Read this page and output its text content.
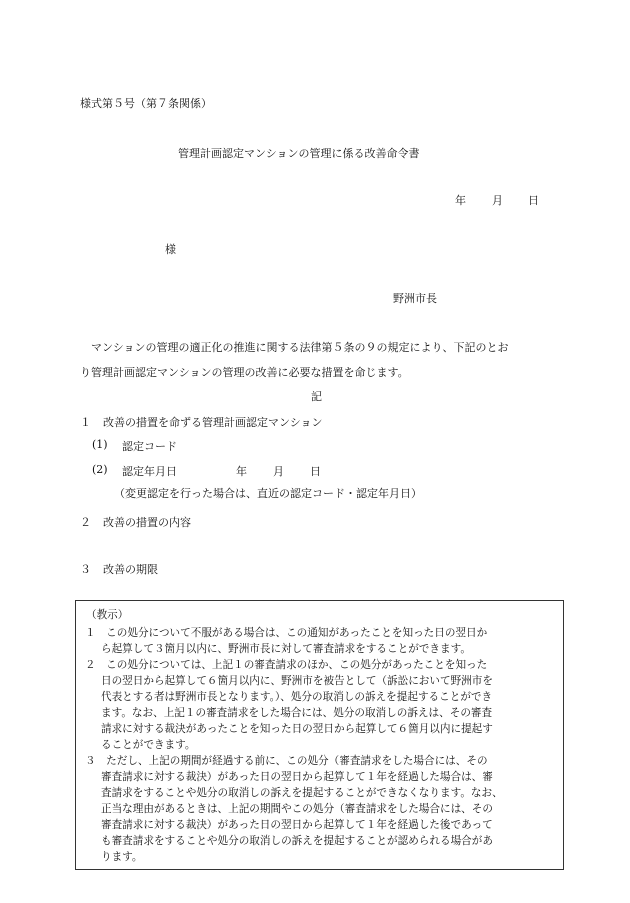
様式第５号（第７条関係）
管理計画認定マンションの管理に係る改善命令書
年 月 日
様
野洲市長
マンションの管理の適正化の推進に関する法律第５条の９の規定により、下記のとお
り管理計画認定マンションの管理の改善に必要な措置を命じます。
記
１ 改善の措置を命ずる管理計画認定マンション
(1) 認定コード
(2) 認定年月日	年 月 日
（変更認定を行った場合は、直近の認定コード・認定年月日）
２ 改善の措置の内容
３ 改善の期限
（教示）
１　この処分について不服がある場合は、この通知があったことを知った日の翌日か
ら起算して３箇月以内に、野洲市長に対して審査請求をすることができます。
２　この処分については、上記１の審査請求のほか、この処分があったことを知った
日の翌日から起算して６箇月以内に、野洲市を被告として（訴訟において野洲市を
代表とする者は野洲市長となります。）、処分の取消しの訴えを提起することができ
ます。なお、上記１の審査請求をした場合には、処分の取消しの訴えは、その審査
請求に対する裁決があったことを知った日の翌日から起算して６箇月以内に提起す
ることができます。
３　ただし、上記の期間が経過する前に、この処分（審査請求をした場合には、その
審査請求に対する裁決）があった日の翌日から起算して１年を経過した場合は、審
査請求をすることや処分の取消しの訴えを提起することができなくなります。なお、
正当な理由があるときは、上記の期間やこの処分（審査請求をした場合には、その
審査請求に対する裁決）があった日の翌日から起算して１年を経過した後であって
も審査請求をすることや処分の取消しの訴えを提起することが認められる場合があ
ります。
